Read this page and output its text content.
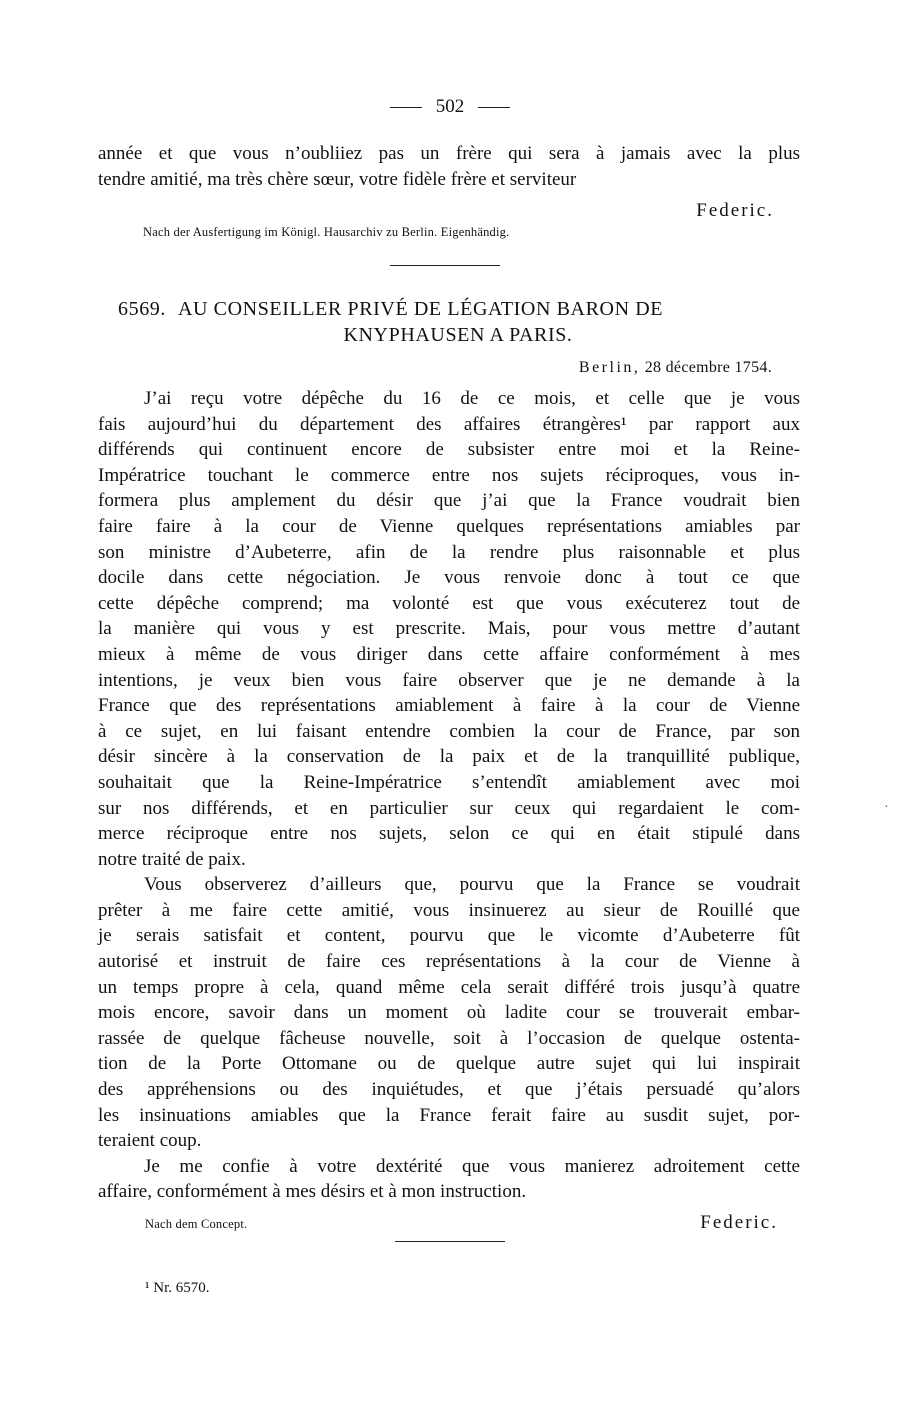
502
année et que vous n’oubliiez pas un frère qui sera à jamais avec la plus
tendre amitié, ma très chère sœur, votre fidèle frère et serviteur
Federic.
Nach der Ausfertigung im Königl. Hausarchiv zu Berlin. Eigenhändig.
6569. AU CONSEILLER PRIVÉ DE LÉGATION BARON DE
KNYPHAUSEN A PARIS.
Berlin, 28 décembre 1754.
J’ai reçu votre dépêche du 16 de ce mois, et celle que je vous
fais aujourd’hui du département des affaires étrangères¹ par rapport aux
différends qui continuent encore de subsister entre moi et la Reine-
Impératrice touchant le commerce entre nos sujets réciproques, vous in-
formera plus amplement du désir que j’ai que la France voudrait bien
faire faire à la cour de Vienne quelques représentations amiables par
son ministre d’Aubeterre, afin de la rendre plus raisonnable et plus
docile dans cette négociation. Je vous renvoie donc à tout ce que
cette dépêche comprend; ma volonté est que vous exécuterez tout de
la manière qui vous y est prescrite. Mais, pour vous mettre d’autant
mieux à même de vous diriger dans cette affaire conformément à mes
intentions, je veux bien vous faire observer que je ne demande à la
France que des représentations amiablement à faire à la cour de Vienne
à ce sujet, en lui faisant entendre combien la cour de France, par son
désir sincère à la conservation de la paix et de la tranquillité publique,
souhaitait que la Reine-Impératrice s’entendît amiablement avec moi
sur nos différends, et en particulier sur ceux qui regardaient le com-
merce réciproque entre nos sujets, selon ce qui en était stipulé dans
notre traité de paix.
Vous observerez d’ailleurs que, pourvu que la France se voudrait
prêter à me faire cette amitié, vous insinuerez au sieur de Rouillé que
je serais satisfait et content, pourvu que le vicomte d’Aubeterre fût
autorisé et instruit de faire ces représentations à la cour de Vienne à
un temps propre à cela, quand même cela serait différé trois jusqu’à quatre
mois encore, savoir dans un moment où ladite cour se trouverait embar-
rassée de quelque fâcheuse nouvelle, soit à l’occasion de quelque ostenta-
tion de la Porte Ottomane ou de quelque autre sujet qui lui inspirait
des appréhensions ou des inquiétudes, et que j’étais persuadé qu’alors
les insinuations amiables que la France ferait faire au susdit sujet, por-
teraient coup.
Je me confie à votre dextérité que vous manierez adroitement cette
affaire, conformément à mes désirs et à mon instruction.
Nach dem Concept.	Federic.
¹ Nr. 6570.
·
